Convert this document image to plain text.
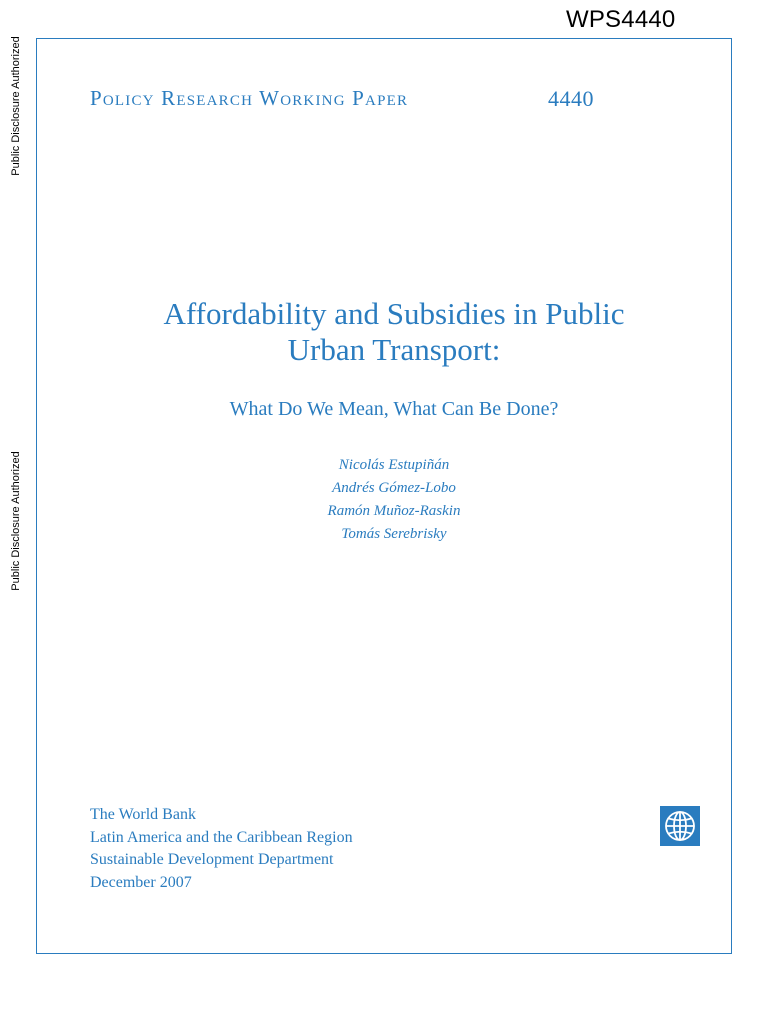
WPS4440
Public Disclosure Authorized
Public Disclosure Authorized
Policy Research Working Paper	4440
Affordability and Subsidies in Public
Urban Transport:
What Do We Mean, What Can Be Done?
Nicolás Estupiñán
Andrés Gómez-Lobo
Ramón Muñoz-Raskin
Tomás Serebrisky
The World Bank
Latin America and the Caribbean Region
Sustainable Development Department
December 2007
